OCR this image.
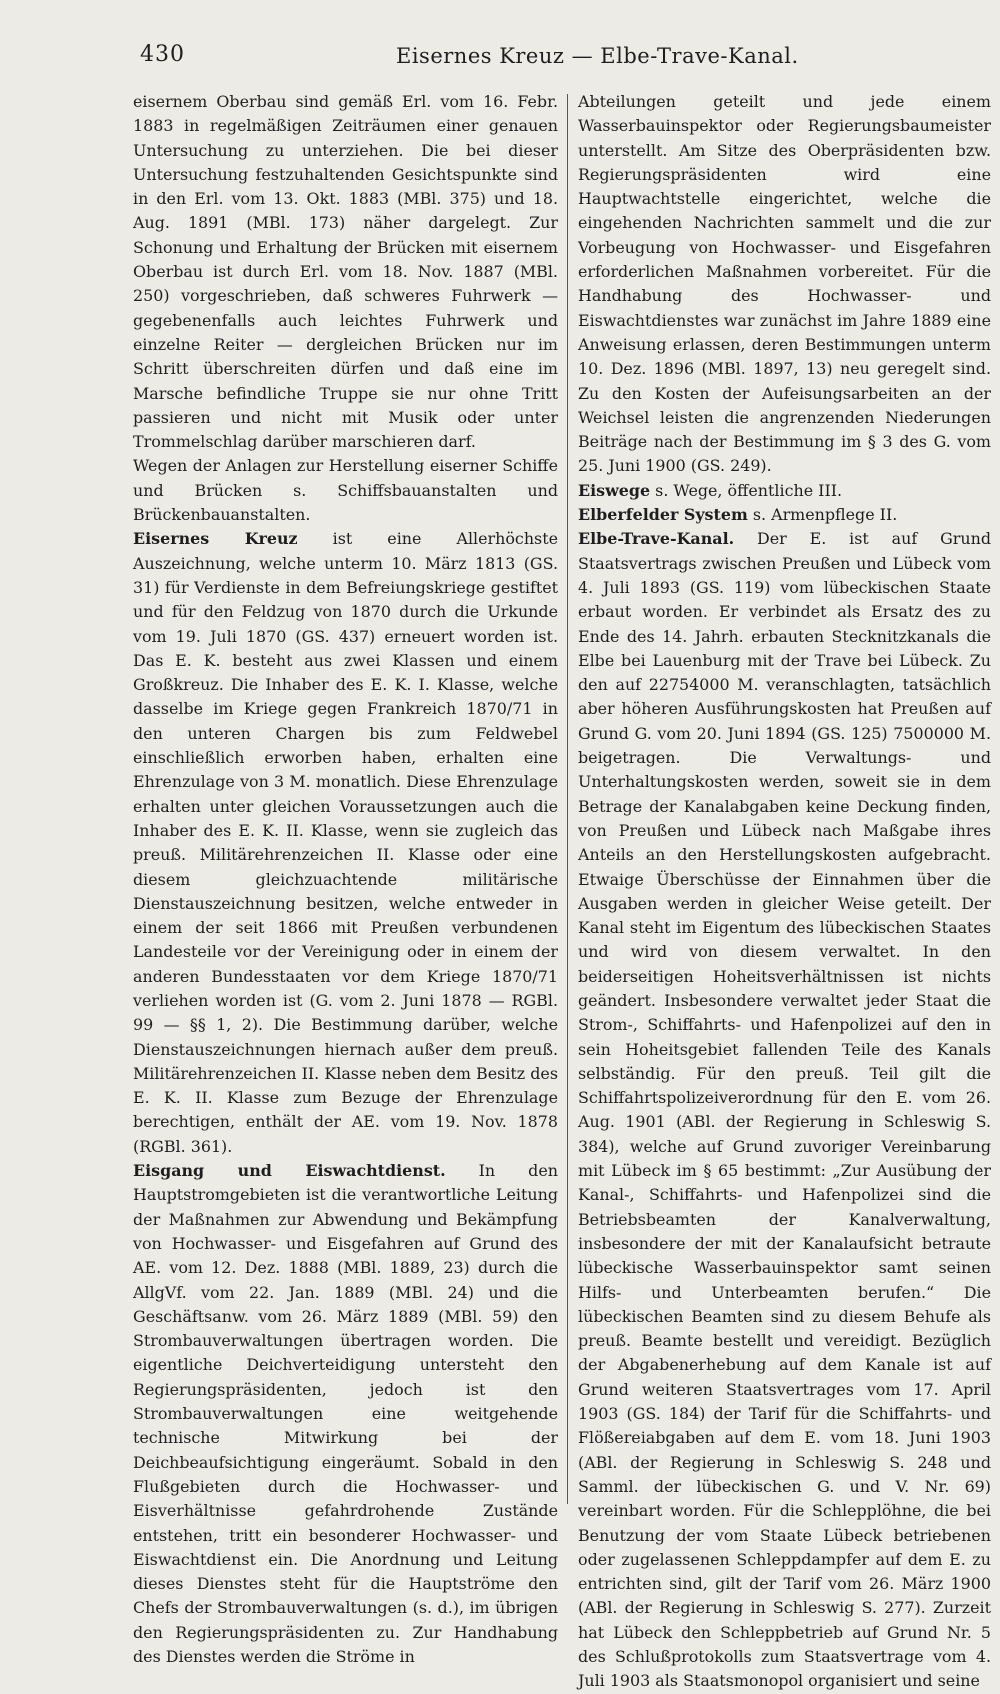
430	Eisernes Kreuz — Elbe-Trave-Kanal.

eisernem Oberbau sind gemäß Erl. vom 16. Febr. 1883 in regelmäßigen Zeiträumen einer genauen Untersuchung zu unterziehen. Die bei dieser Untersuchung festzuhaltenden Gesichtspunkte sind in den Erl. vom 13. Okt. 1883 (MBl. 375) und 18. Aug. 1891 (MBl. 173) näher dargelegt. Zur Schonung und Erhaltung der Brücken mit eisernem Oberbau ist durch Erl. vom 18. Nov. 1887 (MBl. 250) vorgeschrieben, daß schweres Fuhrwerk — gegebenenfalls auch leichtes Fuhrwerk und einzelne Reiter — dergleichen Brücken nur im Schritt überschreiten dürfen und daß eine im Marsche befindliche Truppe sie nur ohne Tritt passieren und nicht mit Musik oder unter Trommelschlag darüber marschieren darf.

Wegen der Anlagen zur Herstellung eiserner Schiffe und Brücken s. Schiffsbauanstalten und Brückenbauanstalten.

Eisernes Kreuz ist eine Allerhöchste Auszeichnung, welche unterm 10. März 1813 (GS. 31) für Verdienste in dem Befreiungskriege gestiftet und für den Feldzug von 1870 durch die Urkunde vom 19. Juli 1870 (GS. 437) erneuert worden ist. Das E. K. besteht aus zwei Klassen und einem Großkreuz. Die Inhaber des E. K. I. Klasse, welche dasselbe im Kriege gegen Frankreich 1870/71 in den unteren Chargen bis zum Feldwebel einschließlich erworben haben, erhalten eine Ehrenzulage von 3 M. monatlich. Diese Ehrenzulage erhalten unter gleichen Voraussetzungen auch die Inhaber des E. K. II. Klasse, wenn sie zugleich das preuß. Militärehrenzeichen II. Klasse oder eine diesem gleichzuachtende militärische Dienstauszeichnung besitzen, welche entweder in einem der seit 1866 mit Preußen verbundenen Landesteile vor der Vereinigung oder in einem der anderen Bundesstaaten vor dem Kriege 1870/71 verliehen worden ist (G. vom 2. Juni 1878 — RGBl. 99 — §§ 1, 2). Die Bestimmung darüber, welche Dienstauszeichnungen hiernach außer dem preuß. Militärehrenzeichen II. Klasse neben dem Besitz des E. K. II. Klasse zum Bezuge der Ehrenzulage berechtigen, enthält der AE. vom 19. Nov. 1878 (RGBl. 361).

Eisgang und Eiswachtdienst. In den Hauptstromgebieten ist die verantwortliche Leitung der Maßnahmen zur Abwendung und Bekämpfung von Hochwasser- und Eisgefahren auf Grund des AE. vom 12. Dez. 1888 (MBl. 1889, 23) durch die AllgVf. vom 22. Jan. 1889 (MBl. 24) und die Geschäftsanw. vom 26. März 1889 (MBl. 59) den Strombauverwaltungen übertragen worden. Die eigentliche Deichverteidigung untersteht den Regierungspräsidenten, jedoch ist den Strombauverwaltungen eine weitgehende technische Mitwirkung bei der Deichbeaufsichtigung eingeräumt. Sobald in den Flußgebieten durch die Hochwasser- und Eisverhältnisse gefahrdrohende Zustände entstehen, tritt ein besonderer Hochwasser- und Eiswachtdienst ein. Die Anordnung und Leitung dieses Dienstes steht für die Hauptströme den Chefs der Strombauverwaltungen (s. d.), im übrigen den Regierungspräsidenten zu. Zur Handhabung des Dienstes werden die Ströme in

Abteilungen geteilt und jede einem Wasserbauinspektor oder Regierungsbaumeister unterstellt. Am Sitze des Oberpräsidenten bzw. Regierungspräsidenten wird eine Hauptwachtstelle eingerichtet, welche die eingehenden Nachrichten sammelt und die zur Vorbeugung von Hochwasser- und Eisgefahren erforderlichen Maßnahmen vorbereitet. Für die Handhabung des Hochwasser- und Eiswachtdienstes war zunächst im Jahre 1889 eine Anweisung erlassen, deren Bestimmungen unterm 10. Dez. 1896 (MBl. 1897, 13) neu geregelt sind. Zu den Kosten der Aufeisungsarbeiten an der Weichsel leisten die angrenzenden Niederungen Beiträge nach der Bestimmung im § 3 des G. vom 25. Juni 1900 (GS. 249).

Eiswege s. Wege, öffentliche III.

Elberfelder System s. Armenpflege II.

Elbe-Trave-Kanal. Der E. ist auf Grund Staatsvertrags zwischen Preußen und Lübeck vom 4. Juli 1893 (GS. 119) vom lübeckischen Staate erbaut worden. Er verbindet als Ersatz des zu Ende des 14. Jahrh. erbauten Stecknitzkanals die Elbe bei Lauenburg mit der Trave bei Lübeck. Zu den auf 22754000 M. veranschlagten, tatsächlich aber höheren Ausführungskosten hat Preußen auf Grund G. vom 20. Juni 1894 (GS. 125) 7500000 M. beigetragen. Die Verwaltungs- und Unterhaltungskosten werden, soweit sie in dem Betrage der Kanalabgaben keine Deckung finden, von Preußen und Lübeck nach Maßgabe ihres Anteils an den Herstellungskosten aufgebracht. Etwaige Überschüsse der Einnahmen über die Ausgaben werden in gleicher Weise geteilt. Der Kanal steht im Eigentum des lübeckischen Staates und wird von diesem verwaltet. In den beiderseitigen Hoheitsverhältnissen ist nichts geändert. Insbesondere verwaltet jeder Staat die Strom-, Schiffahrts- und Hafenpolizei auf den in sein Hoheitsgebiet fallenden Teile des Kanals selbständig. Für den preuß. Teil gilt die Schiffahrtspolizeiverordnung für den E. vom 26. Aug. 1901 (ABl. der Regierung in Schleswig S. 384), welche auf Grund zuvoriger Vereinbarung mit Lübeck im § 65 bestimmt: „Zur Ausübung der Kanal-, Schiffahrts- und Hafenpolizei sind die Betriebsbeamten der Kanalverwaltung, insbesondere der mit der Kanalaufsicht betraute lübeckische Wasserbauinspektor samt seinen Hilfs- und Unterbeamten berufen.“ Die lübeckischen Beamten sind zu diesem Behufe als preuß. Beamte bestellt und vereidigt. Bezüglich der Abgabenerhebung auf dem Kanale ist auf Grund weiteren Staatsvertrages vom 17. April 1903 (GS. 184) der Tarif für die Schiffahrts- und Flößereiabgaben auf dem E. vom 18. Juni 1903 (ABl. der Regierung in Schleswig S. 248 und Samml. der lübeckischen G. und V. Nr. 69) vereinbart worden. Für die Schlepplöhne, die bei Benutzung der vom Staate Lübeck betriebenen oder zugelassenen Schleppdampfer auf dem E. zu entrichten sind, gilt der Tarif vom 26. März 1900 (ABl. der Regierung in Schleswig S. 277). Zurzeit hat Lübeck den Schleppbetrieb auf Grund Nr. 5 des Schlußprotokolls zum Staatsvertrage vom 4. Juli 1903 als Staatsmonopol organisiert und seine
